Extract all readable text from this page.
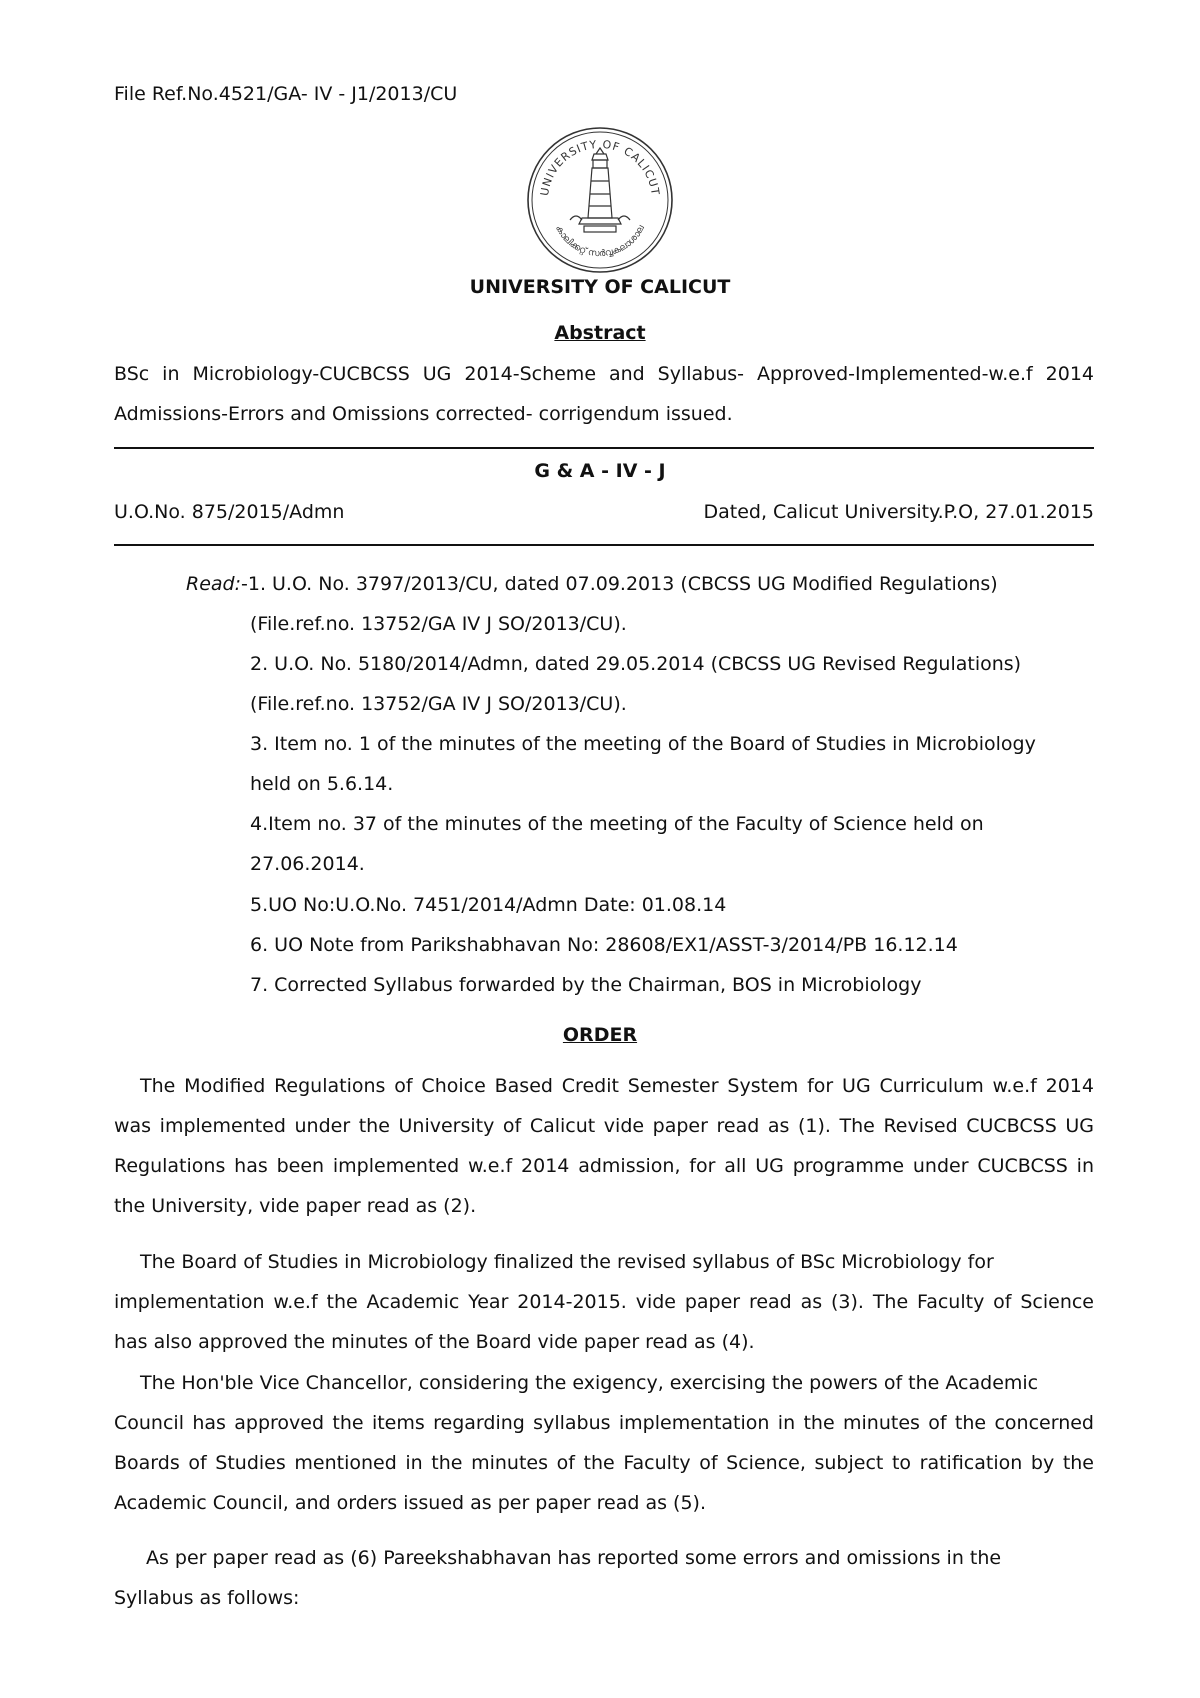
File Ref.No.4521/GA- IV - J1/2013/CU
UNIVERSITY OF CALICUT
കാലിക്കറ്റ് സർവ്വകലാശാല
UNIVERSITY OF CALICUT
Abstract
BSc in Microbiology-CUCBCSS UG 2014-Scheme and Syllabus- Approved-Implemented-w.e.f 2014
Admissions-Errors and Omissions corrected- corrigendum issued.
G & A - IV - J
U.O.No. 875/2015/Admn	Dated, Calicut University.P.O, 27.01.2015
Read:-1. U.O. No. 3797/2013/CU, dated 07.09.2013 (CBCSS UG Modified Regulations)
(File.ref.no. 13752/GA IV J SO/2013/CU).
2. U.O. No. 5180/2014/Admn, dated 29.05.2014 (CBCSS UG Revised Regulations)
(File.ref.no. 13752/GA IV J SO/2013/CU).
3. Item no. 1 of the minutes of the meeting of the Board of Studies in Microbiology
held on 5.6.14.
4.Item no. 37 of the minutes of the meeting of the Faculty of Science held on
27.06.2014.
5.UO No:U.O.No. 7451/2014/Admn Date: 01.08.14
6. UO Note from Parikshabhavan No: 28608/EX1/ASST-3/2014/PB 16.12.14
7. Corrected Syllabus forwarded by the Chairman, BOS in Microbiology
ORDER
The Modified Regulations of Choice Based Credit Semester System for UG Curriculum w.e.f 2014
was implemented under the University of Calicut vide paper read as (1). The Revised CUCBCSS UG
Regulations has been implemented w.e.f 2014 admission, for all UG programme under CUCBCSS in
the University, vide paper read as (2).
The Board of Studies in Microbiology finalized the revised syllabus of BSc Microbiology for
implementation w.e.f the Academic Year 2014-2015. vide paper read as (3). The Faculty of Science
has also approved the minutes of the Board vide paper read as (4).
The Hon'ble Vice Chancellor, considering the exigency, exercising the powers of the Academic
Council has approved the items regarding syllabus implementation in the minutes of the concerned
Boards of Studies mentioned in the minutes of the Faculty of Science, subject to ratification by the
Academic Council, and orders issued as per paper read as (5).
As per paper read as (6) Pareekshabhavan has reported some errors and omissions in the
Syllabus as follows:
